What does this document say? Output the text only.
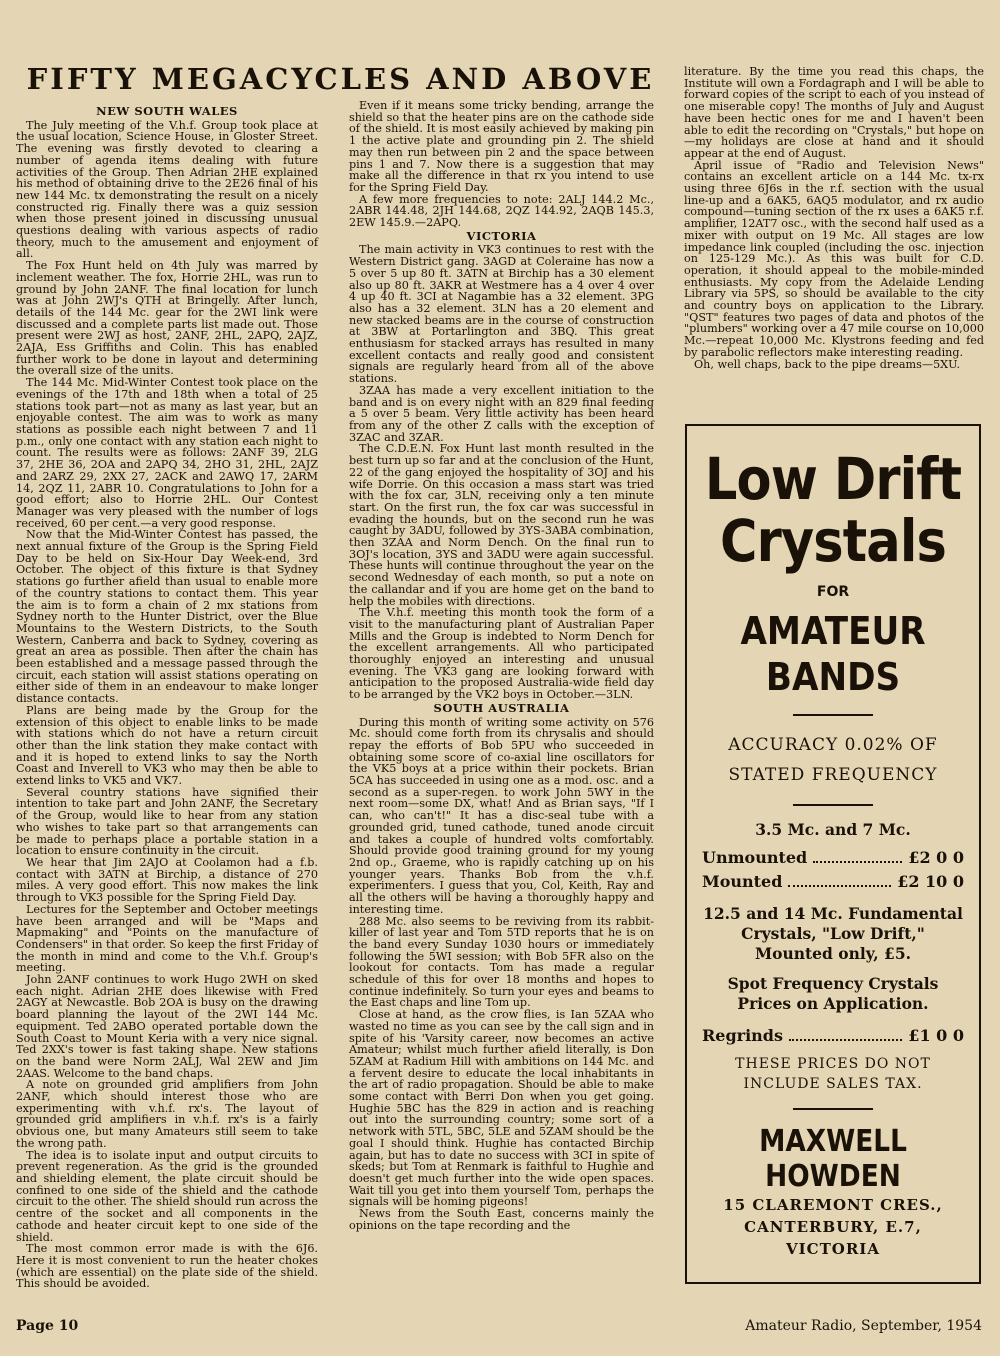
FIFTY MEGACYCLES AND ABOVE
NEW SOUTH WALES

The July meeting of the V.h.f. Group took place at the usual location, Science House, in Gloster Street. The evening was firstly devoted to clearing a number of agenda items dealing with future activities of the Group. Then Adrian 2HE explained his method of obtaining drive to the 2E26 final of his new 144 Mc. tx demonstrating the result on a nicely constructed rig. Finally there was a quiz session when those present joined in discussing unusual questions dealing with various aspects of radio theory, much to the amusement and enjoyment of all.

The Fox Hunt held on 4th July was marred by inclement weather. The fox, Horrie 2HL, was run to ground by John 2ANF. The final location for lunch was at John 2WJ's QTH at Bringelly. After lunch, details of the 144 Mc. gear for the 2WI link were discussed and a complete parts list made out. Those present were 2WJ as host, 2ANF, 2HL, 2APQ, 2AJZ, 2AJA, Ess Griffiths and Colin. This has enabled further work to be done in layout and determining the overall size of the units.

The 144 Mc. Mid-Winter Contest took place on the evenings of the 17th and 18th when a total of 25 stations took part—not as many as last year, but an enjoyable contest. The aim was to work as many stations as possible each night between 7 and 11 p.m., only one contact with any station each night to count. The results were as follows: 2ANF 39, 2LG 37, 2HE 36, 2OA and 2APQ 34, 2HO 31, 2HL, 2AJZ and 2ARZ 29, 2XX 27, 2ACK and 2AWQ 17, 2ARM 14, 2QZ 11, 2ABR 10. Congratulations to John for a good effort; also to Horrie 2HL. Our Contest Manager was very pleased with the number of logs received, 60 per cent.—a very good response.

Now that the Mid-Winter Contest has passed, the next annual fixture of the Group is the Spring Field Day to be held on Six-Hour Day Week-end, 3rd October. The object of this fixture is that Sydney stations go further afield than usual to enable more of the country stations to contact them. This year the aim is to form a chain of 2 mx stations from Sydney north to the Hunter District, over the Blue Mountains to the Western Districts, to the South Western, Canberra and back to Sydney, covering as great an area as possible. Then after the chain has been established and a message passed through the circuit, each station will assist stations operating on either side of them in an endeavour to make longer distance contacts.

Plans are being made by the Group for the extension of this object to enable links to be made with stations which do not have a return circuit other than the link station they make contact with and it is hoped to extend links to say the North Coast and Inverell to VK3 who may then be able to extend links to VK5 and VK7.

Several country stations have signified their intention to take part and John 2ANF, the Secretary of the Group, would like to hear from any station who wishes to take part so that arrangements can be made to perhaps place a portable station in a location to ensure continuity in the circuit.

We hear that Jim 2AJO at Coolamon had a f.b. contact with 3ATN at Birchip, a distance of 270 miles. A very good effort. This now makes the link through to VK3 possible for the Spring Field Day.

Lectures for the September and October meetings have been arranged and will be "Maps and Mapmaking" and "Points on the manufacture of Condensers" in that order. So keep the first Friday of the month in mind and come to the V.h.f. Group's meeting.

John 2ANF continues to work Hugo 2WH on sked each night. Adrian 2HE does likewise with Fred 2AGY at Newcastle. Bob 2OA is busy on the drawing board planning the layout of the 2WI 144 Mc. equipment. Ted 2ABO operated portable down the South Coast to Mount Keria with a very nice signal. Ted 2XX's tower is fast taking shape. New stations on the band were Norm 2ALJ, Wal 2EW and Jim 2AAS. Welcome to the band chaps.

A note on grounded grid amplifiers from John 2ANF, which should interest those who are experimenting with v.h.f. rx's. The layout of grounded grid amplifiers in v.h.f. rx's is a fairly obvious one, but many Amateurs still seem to take the wrong path.

The idea is to isolate input and output circuits to prevent regeneration. As the grid is the grounded and shielding element, the plate circuit should be confined to one side of the shield and the cathode circuit to the other. The shield should run across the centre of the socket and all components in the cathode and heater circuit kept to one side of the shield.

The most common error made is with the 6J6. Here it is most convenient to run the heater chokes (which are essential) on the plate side of the shield. This should be avoided.

Even if it means some tricky bending, arrange the shield so that the heater pins are on the cathode side of the shield. It is most easily achieved by making pin 1 the active plate and grounding pin 2. The shield may then run between pin 2 and the space between pins 1 and 7. Now there is a suggestion that may make all the difference in that rx you intend to use for the Spring Field Day.

A few more frequencies to note: 2ALJ 144.2 Mc., 2ABR 144.48, 2JH 144.68, 2QZ 144.92, 2AQB 145.3, 2EW 145.9.—2APQ.

VICTORIA

The main activity in VK3 continues to rest with the Western District gang. 3AGD at Coleraine has now a 5 over 5 up 80 ft. 3ATN at Birchip has a 30 element also up 80 ft. 3AKR at Westmere has a 4 over 4 over 4 up 40 ft. 3CI at Nagambie has a 32 element. 3PG also has a 32 element. 3LN has a 20 element and new stacked beams are in the course of construction at 3BW at Portarlington and 3BQ. This great enthusiasm for stacked arrays has resulted in many excellent contacts and really good and consistent signals are regularly heard from all of the above stations.

3ZAA has made a very excellent initiation to the band and is on every night with an 829 final feeding a 5 over 5 beam. Very little activity has been heard from any of the other Z calls with the exception of 3ZAC and 3ZAR.

The C.D.E.N. Fox Hunt last month resulted in the best turn up so far and at the conclusion of the Hunt, 22 of the gang enjoyed the hospitality of 3OJ and his wife Dorrie. On this occasion a mass start was tried with the fox car, 3LN, receiving only a ten minute start. On the first run, the fox car was successful in evading the hounds, but on the second run he was caught by 3ADU, followed by 3YS-3ABA combination, then 3ZAA and Norm Dench. On the final run to 3OJ's location, 3YS and 3ADU were again successful. These hunts will continue throughout the year on the second Wednesday of each month, so put a note on the callandar and if you are home get on the band to help the mobiles with directions.

The V.h.f. meeting this month took the form of a visit to the manufacturing plant of Australian Paper Mills and the Group is indebted to Norm Dench for the excellent arrangements. All who participated thoroughly enjoyed an interesting and unusual evening. The VK3 gang are looking forward with anticipation to the proposed Australia-wide field day to be arranged by the VK2 boys in October.—3LN.

SOUTH AUSTRALIA

During this month of writing some activity on 576 Mc. should come forth from its chrysalis and should repay the efforts of Bob 5PU who succeeded in obtaining some score of co-axial line oscillators for the VK5 boys at a price within their pockets. Brian 5CA has succeeded in using one as a mod. osc. and a second as a super-regen. to work John 5WY in the next room—some DX, what! And as Brian says, "If I can, who can't!" It has a disc-seal tube with a grounded grid, tuned cathode, tuned anode circuit and takes a couple of hundred volts comfortably. Should provide good training ground for my young 2nd op., Graeme, who is rapidly catching up on his younger years. Thanks Bob from the v.h.f. experimenters. I guess that you, Col, Keith, Ray and all the others will be having a thoroughly happy and interesting time.

288 Mc. also seems to be reviving from its rabbit-killer of last year and Tom 5TD reports that he is on the band every Sunday 1030 hours or immediately following the 5WI session; with Bob 5FR also on the lookout for contacts. Tom has made a regular schedule of this for over 18 months and hopes to continue indefinitely. So turn your eyes and beams to the East chaps and line Tom up.

Close at hand, as the crow flies, is Ian 5ZAA who wasted no time as you can see by the call sign and in spite of his 'Varsity career, now becomes an active Amateur; whilst much further afield literally, is Don 5ZAM at Radium Hill with ambitions on 144 Mc. and a fervent desire to educate the local inhabitants in the art of radio propagation. Should be able to make some contact with Berri Don when you get going. Hughie 5BC has the 829 in action and is reaching out into the surrounding country; some sort of a network with 5TL, 5BC, 5LE and 5ZAM should be the goal I should think. Hughie has contacted Birchip again, but has to date no success with 3CI in spite of skeds; but Tom at Renmark is faithful to Hughie and doesn't get much further into the wide open spaces. Wait till you get into them yourself Tom, perhaps the signals will be homing pigeons!

News from the South East, concerns mainly the opinions on the tape recording and the

literature. By the time you read this chaps, the Institute will own a Fordagraph and I will be able to forward copies of the script to each of you instead of one miserable copy! The months of July and August have been hectic ones for me and I haven't been able to edit the recording on "Crystals," but hope on—my holidays are close at hand and it should appear at the end of August.

April issue of "Radio and Television News" contains an excellent article on a 144 Mc. tx-rx using three 6J6s in the r.f. section with the usual line-up and a 6AK5, 6AQ5 modulator, and rx audio compound—tuning section of the rx uses a 6AK5 r.f. amplifier, 12AT7 osc., with the second half used as a mixer with output on 19 Mc. All stages are low impedance link coupled (including the osc. injection on 125-129 Mc.). As this was built for C.D. operation, it should appeal to the mobile-minded enthusiasts. My copy from the Adelaide Lending Library via 5PS, so should be available to the city and country boys on application to the Library. "QST" features two pages of data and photos of the "plumbers" working over a 47 mile course on 10,000 Mc.—repeat 10,000 Mc. Klystrons feeding and fed by parabolic reflectors make interesting reading.

Oh, well chaps, back to the pipe dreams—5XU.

Low Drift
Crystals
FOR
AMATEUR
BANDS
ACCURACY 0.02% OF
STATED FREQUENCY
3.5 Mc. and 7 Mc.
Unmounted	£2 0 0
Mounted	£2 10 0
12.5 and 14 Mc. Fundamental
Crystals, "Low Drift,"
Mounted only, £5.
Spot Frequency Crystals
Prices on Application.
Regrinds	£1 0 0
THESE PRICES DO NOT
INCLUDE SALES TAX.
MAXWELL HOWDEN
15 CLAREMONT CRES.,
CANTERBURY, E.7,
VICTORIA
Page 10	Amateur Radio, September, 1954
